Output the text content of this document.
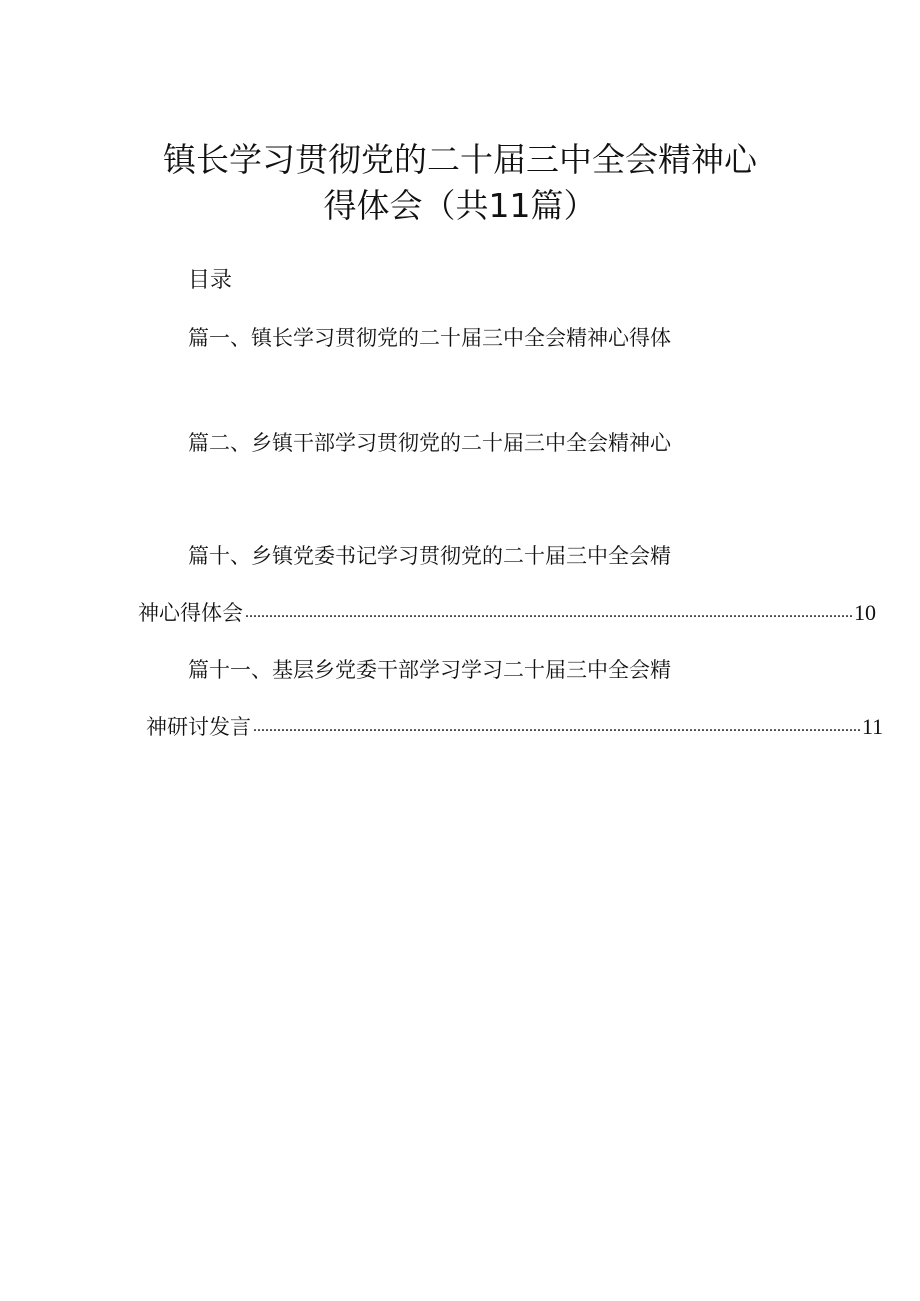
镇长学习贯彻党的二十届三中全会精神心
得体会（共11篇）
目录
篇一、镇长学习贯彻党的二十届三中全会精神心得体
篇二、乡镇干部学习贯彻党的二十届三中全会精神心
篇十、乡镇党委书记学习贯彻党的二十届三中全会精
神心得体会 ........................................................................................................................................................ 10
篇十一、基层乡党委干部学习学习二十届三中全会精
神研讨发言 ........................................................................................................................................................ 11
